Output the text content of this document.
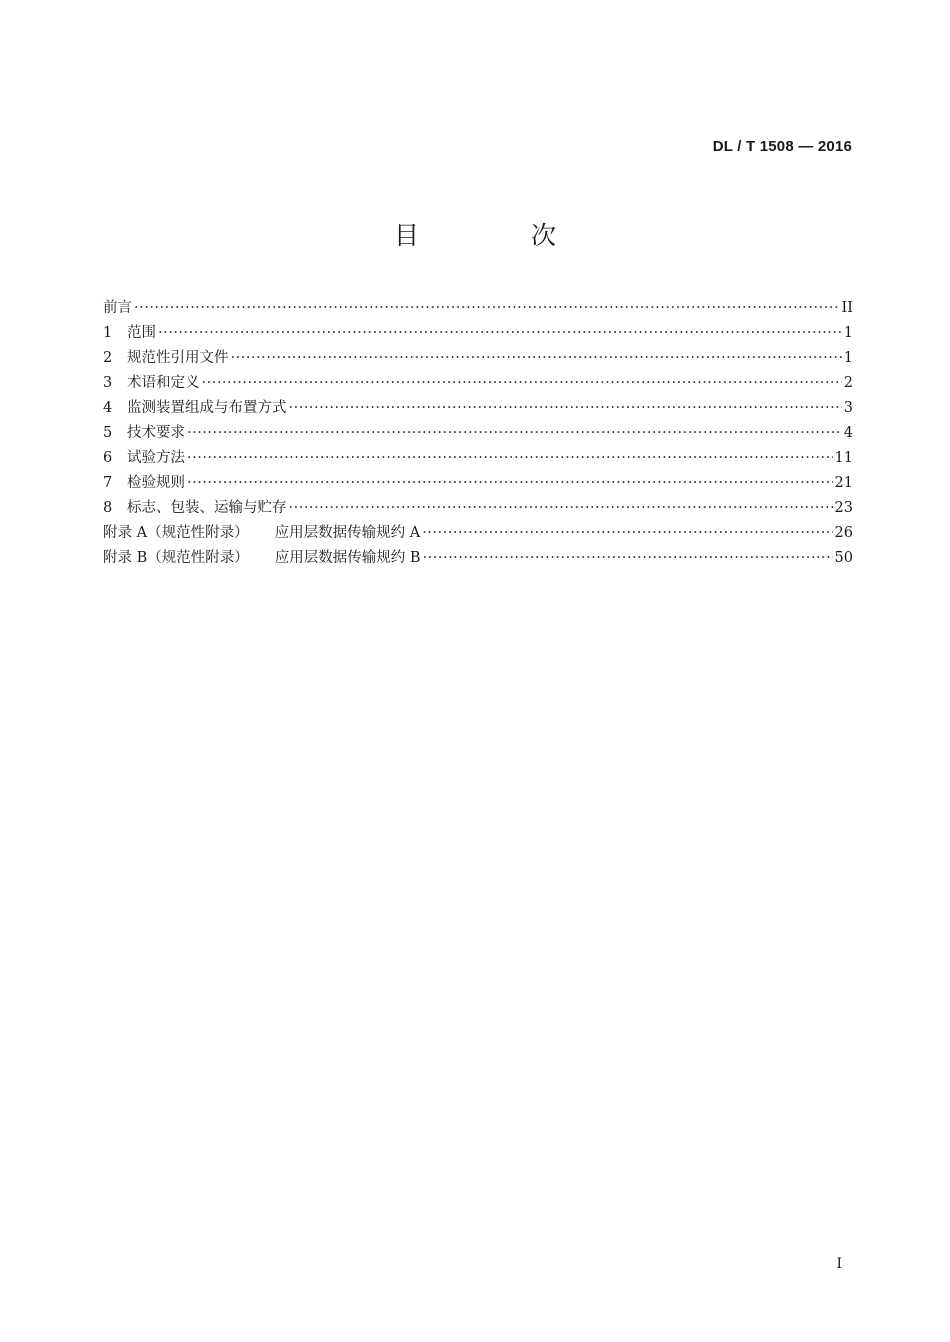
DL / T 1508 — 2016
目 次
前言 ·····	II
1	范围 ·····	1
2	规范性引用文件 ·····	1
3	术语和定义 ·····	2
4	监测装置组成与布置方式 ·····	3
5	技术要求 ·····	4
6	试验方法 ·····	11
7	检验规则 ·····	21
8	标志、包装、运输与贮存 ·····	23
附录 A（规范性附录） 应用层数据传输规约 A ·····	26
附录 B（规范性附录） 应用层数据传输规约 B ·····	50
I
